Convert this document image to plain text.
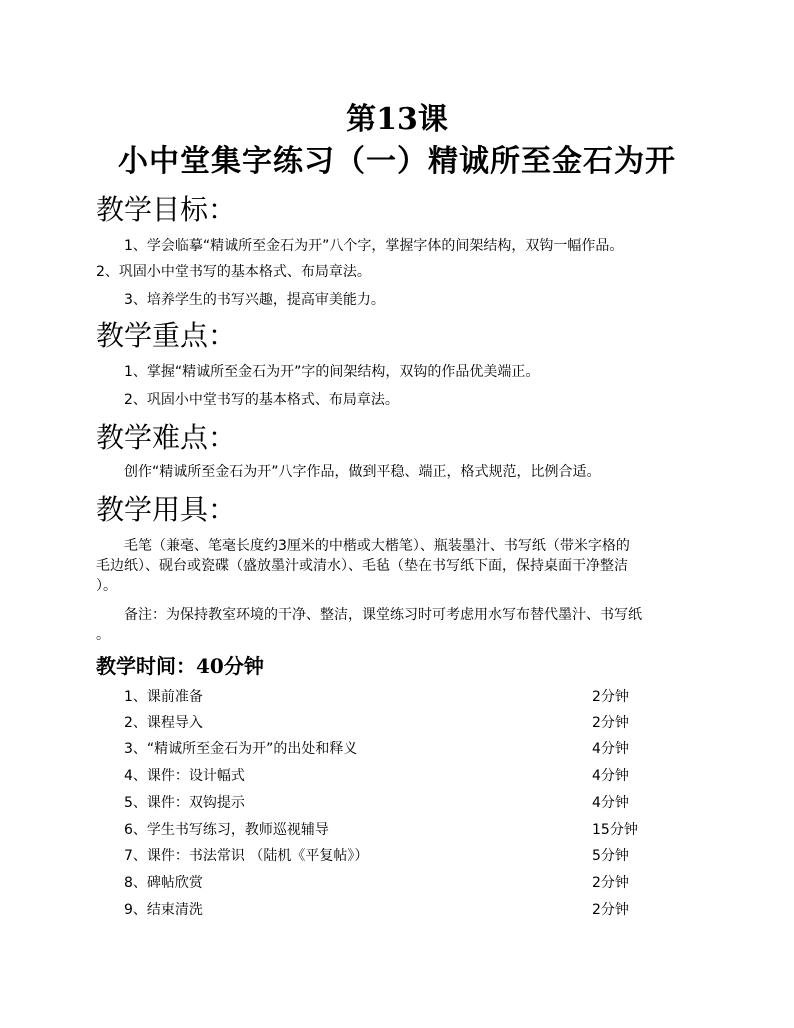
第13课
小中堂集字练习（一）精诚所至金石为开
教学目标：
1、学会临摹“精诚所至金石为开”八个字，掌握字体的间架结构，双钩一幅作品。
2、巩固小中堂书写的基本格式、布局章法。
3、培养学生的书写兴趣，提高审美能力。
教学重点：
1、掌握“精诚所至金石为开”字的间架结构，双钩的作品优美端正。
2、巩固小中堂书写的基本格式、布局章法。
教学难点：
创作“精诚所至金石为开”八字作品，做到平稳、端正，格式规范，比例合适。
教学用具：
毛笔（兼毫、笔毫长度约3厘米的中楷或大楷笔）、瓶装墨汁、书写纸（带米字格的
毛边纸）、砚台或瓷碟（盛放墨汁或清水）、毛毡（垫在书写纸下面，保持桌面干净整洁
）。
备注：为保持教室环境的干净、整洁，课堂练习时可考虑用水写布替代墨汁、书写纸
。
教学时间：40分钟
1、课前准备	2分钟
2、课程导入	2分钟
3、“精诚所至金石为开”的出处和释义	4分钟
4、课件：设计幅式	4分钟
5、课件：双钩提示	4分钟
6、学生书写练习，教师巡视辅导	15分钟
7、课件：书法常识 （陆机《平复帖》）	5分钟
8、碑帖欣赏	2分钟
9、结束清洗	2分钟
